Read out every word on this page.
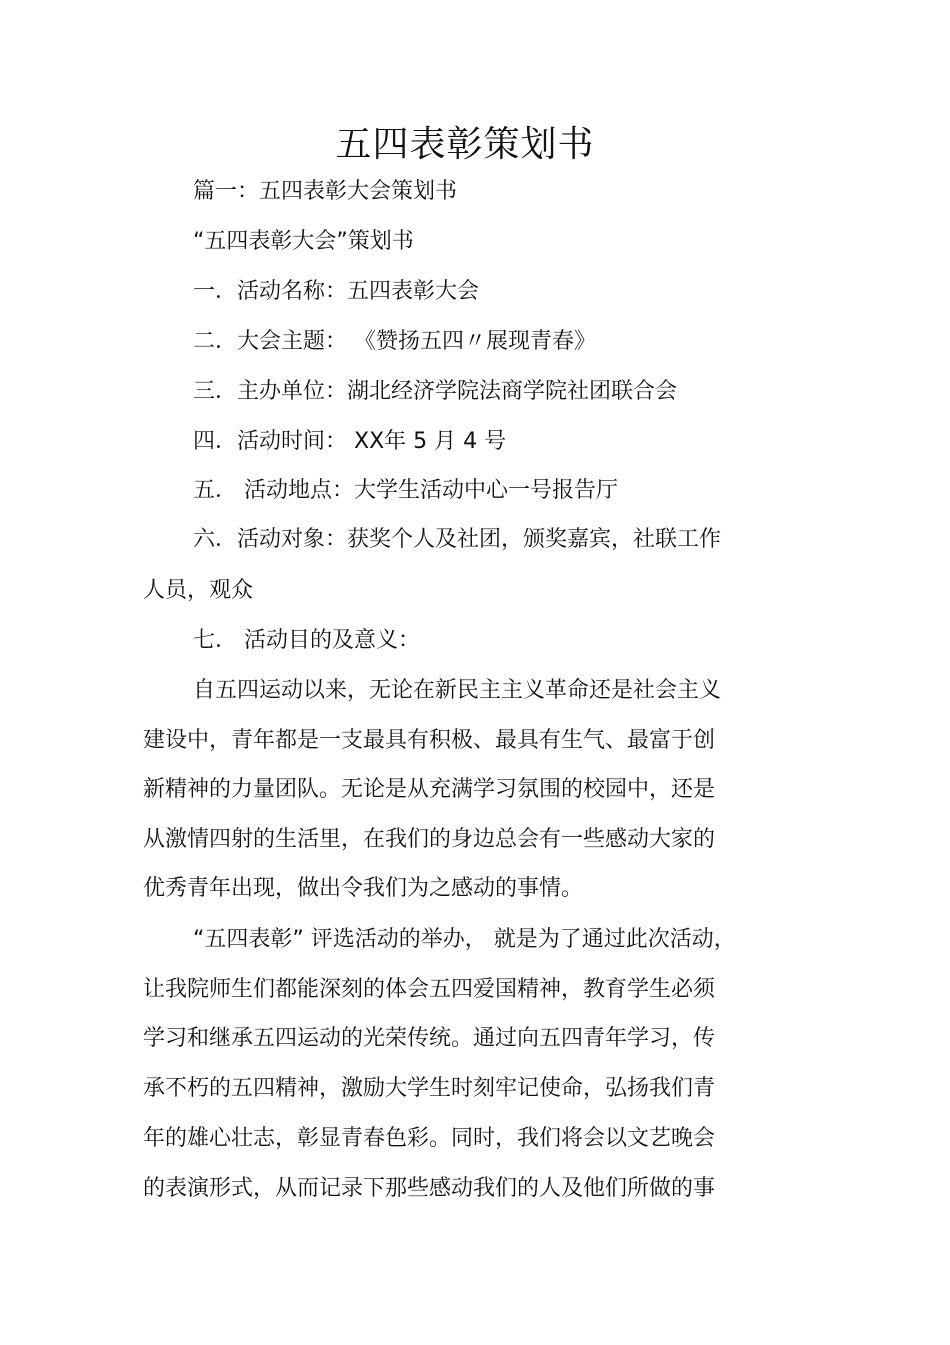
五四表彰策划书

篇一：五四表彰大会策划书

“五四表彰大会”策划书

一．活动名称：五四表彰大会

二．大会主题： 《赞扬五四〃展现青春》

三．主办单位：湖北经济学院法商学院社团联合会

四．活动时间： XX年 5 月 4 号

五． 活动地点：大学生活动中心一号报告厅

六．活动对象：获奖个人及社团，颁奖嘉宾，社联工作

人员，观众

七． 活动目的及意义：

自五四运动以来，无论在新民主主义革命还是社会主义

建设中，青年都是一支最具有积极、最具有生气、最富于创

新精神的力量团队。无论是从充满学习氛围的校园中，还是

从激情四射的生活里，在我们的身边总会有一些感动大家的

优秀青年出现，做出令我们为之感动的事情。

“五四表彰” 评选活动的举办， 就是为了通过此次活动，

让我院师生们都能深刻的体会五四爱国精神，教育学生必须

学习和继承五四运动的光荣传统。通过向五四青年学习，传

承不朽的五四精神，激励大学生时刻牢记使命，弘扬我们青

年的雄心壮志，彰显青春色彩。同时，我们将会以文艺晚会

的表演形式，从而记录下那些感动我们的人及他们所做的事
